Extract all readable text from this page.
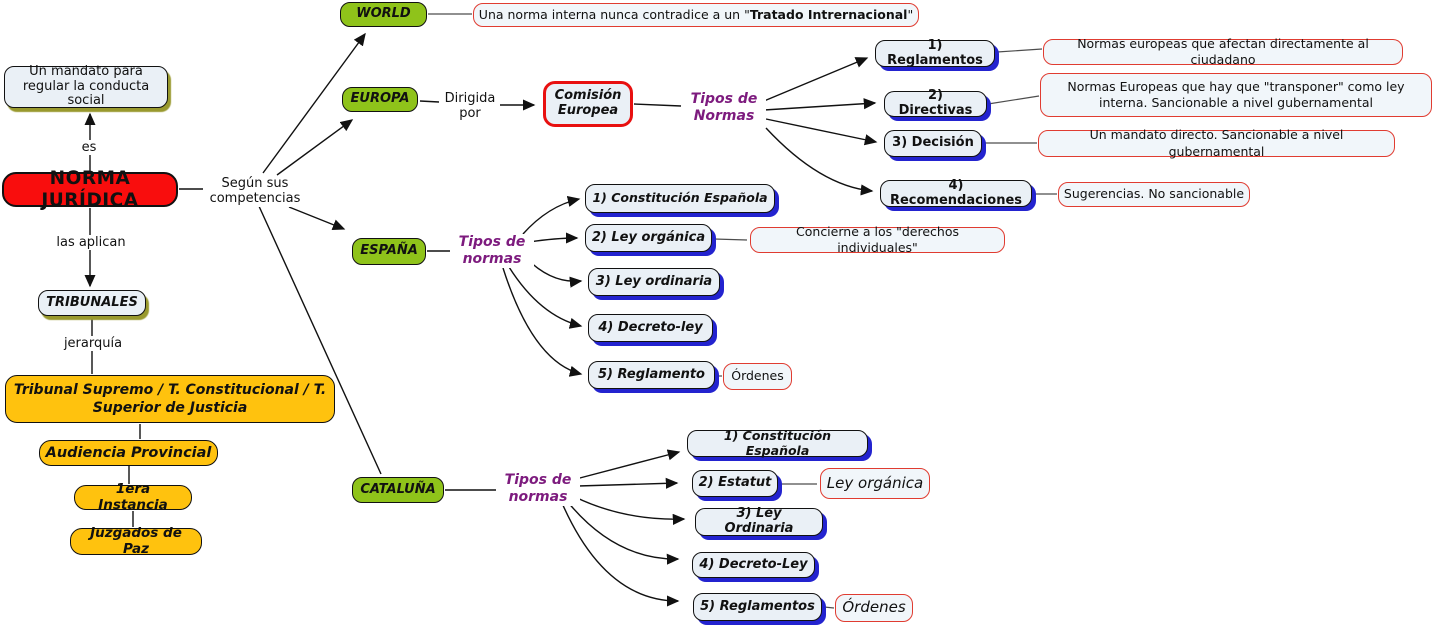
Un mandato para regular la conducta social
es
NORMA JURÍDICA
las aplican
TRIBUNALES
jerarquía
Tribunal Supremo / T. Constitucional / T. Superior de Justicia
Audiencia Provincial
1era Instancia
Juzgados de Paz
Según sus competencias
WORLD	Una norma interna nunca contradice a un " Tratado Intrernacional "
EUROPA	Dirigida por
Comisión Europea
Tipos de Normas
1) Reglamentos
Normas europeas que afectan directamente al ciudadano
2) Directivas
Normas Europeas que hay que "transponer" como ley interna. Sancionable a nivel gubernamental
3) Decisión
Un mandato directo. Sancionable a nivel gubernamental
4) Recomendaciones	Sugerencias. No sancionable
ESPAÑA
Tipos de normas
1) Constitución Española
2) Ley orgánica	Concierne a los "derechos individuales"
3) Ley ordinaria
4) Decreto-ley
5) Reglamento	Órdenes
CATALUÑA
Tipos de normas
1) Constitución Española
2) Estatut	Ley orgánica
3) Ley Ordinaria
4) Decreto-Ley
5) Reglamentos	Órdenes
